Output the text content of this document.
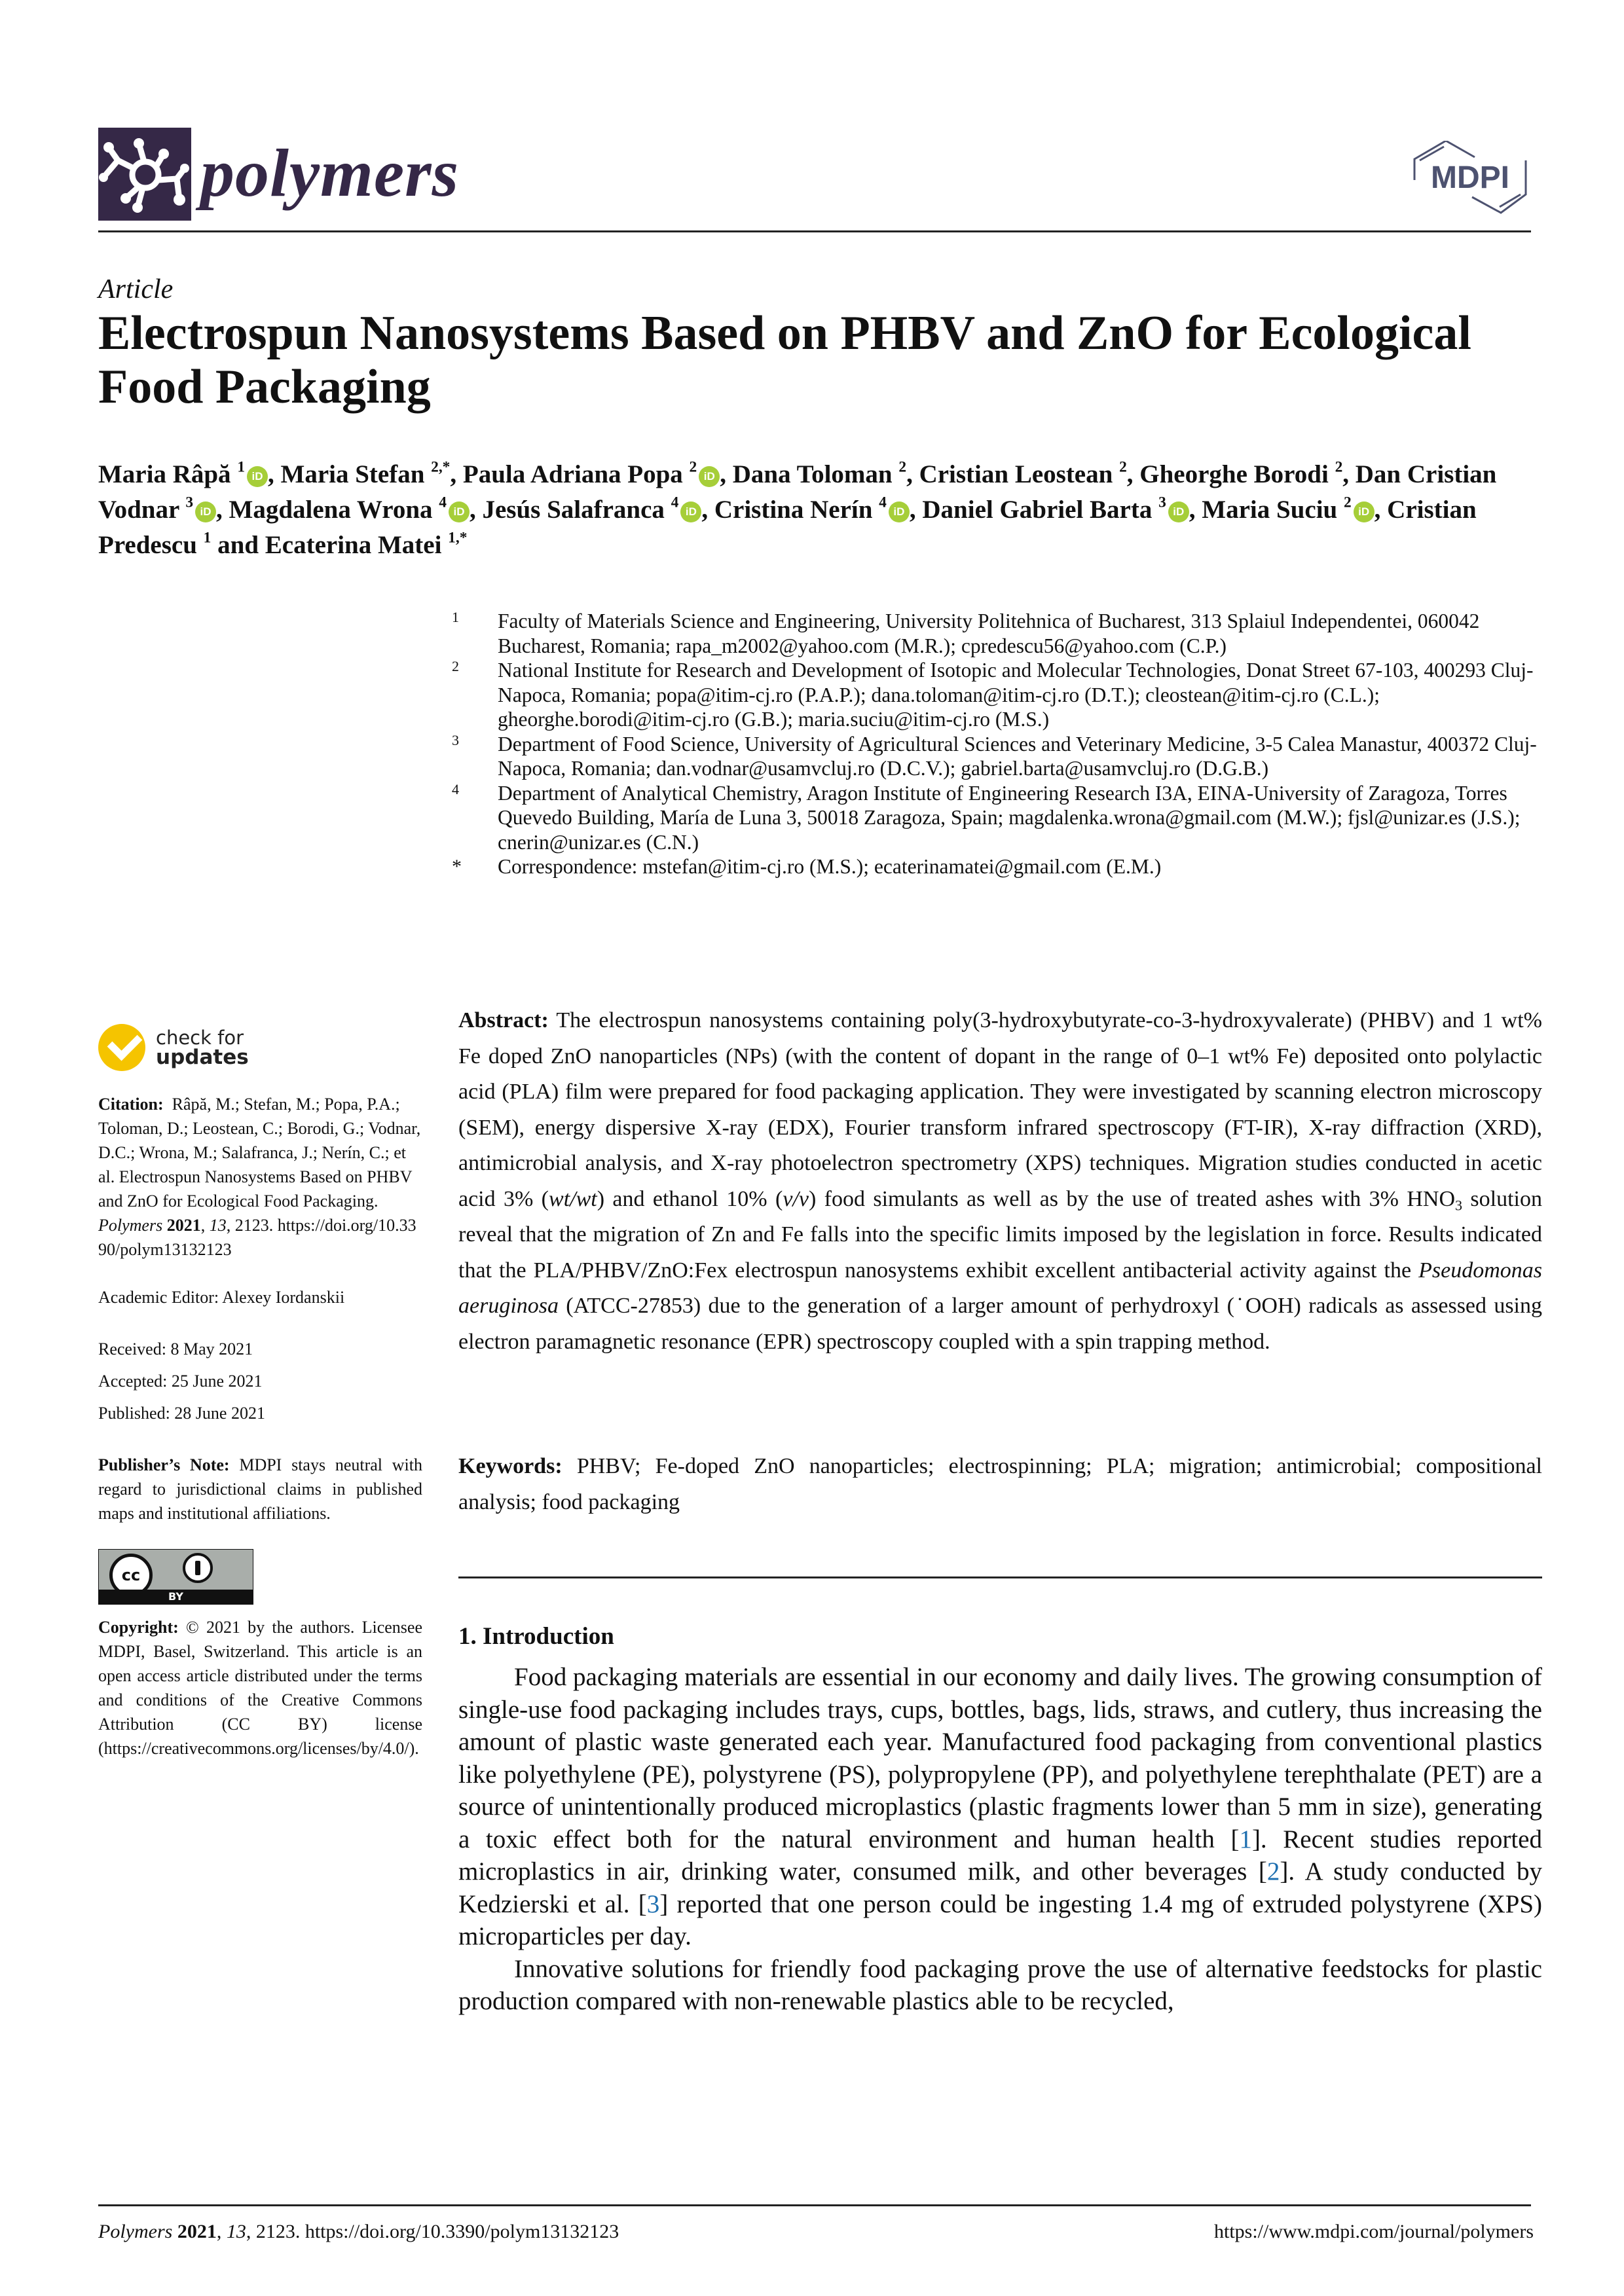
polymers	MDPI
Article
Electrospun Nanosystems Based on PHBV and ZnO for Ecological Food Packaging
Maria Râpă $^1$iD , Maria Stefan $^{2,*}$, Paula Adriana Popa $^2$iD , Dana Toloman $^2$, Cristian Leostean $^2$, Gheorghe Borodi $^2$, Dan Cristian Vodnar $^3$iD , Magdalena Wrona $^4$iD , Jesús Salafranca $^4$iD , Cristina Nerín $^4$iD , Daniel Gabriel Barta $^3$iD , Maria Suciu $^2$iD , Cristian Predescu $^1$ and Ecaterina Matei $^{1,*}$
1 Faculty of Materials Science and Engineering, University Politehnica of Bucharest, 313 Splaiul Independentei, 060042 Bucharest, Romania; rapa_m2002@yahoo.com (M.R.); cpredescu56@yahoo.com (C.P.)
2 National Institute for Research and Development of Isotopic and Molecular Technologies, Donat Street 67-103, 400293 Cluj-Napoca, Romania; popa@itim-cj.ro (P.A.P.); dana.toloman@itim-cj.ro (D.T.); cleostean@itim-cj.ro (C.L.); gheorghe.borodi@itim-cj.ro (G.B.); maria.suciu@itim-cj.ro (M.S.)
3 Department of Food Science, University of Agricultural Sciences and Veterinary Medicine, 3-5 Calea Manastur, 400372 Cluj-Napoca, Romania; dan.vodnar@usamvcluj.ro (D.C.V.); gabriel.barta@usamvcluj.ro (D.G.B.)
4 Department of Analytical Chemistry, Aragon Institute of Engineering Research I3A, EINA-University of Zaragoza, Torres Quevedo Building, María de Luna 3, 50018 Zaragoza, Spain; magdalenka.wrona@gmail.com (M.W.); fjsl@unizar.es (J.S.); cnerin@unizar.es (C.N.)
* Correspondence: mstefan@itim-cj.ro (M.S.); ecaterinamatei@gmail.com (E.M.)
check for
updates
Citation: Râpă, M.; Stefan, M.; Popa, P.A.; Toloman, D.; Leostean, C.; Borodi, G.; Vodnar, D.C.; Wrona, M.; Salafranca, J.; Nerín, C.; et al. Electrospun Nanosystems Based on PHBV and ZnO for Ecological Food Packaging. Polymers 2021, 13, 2123. https://doi.org/10.3390/polym13132123
Academic Editor: Alexey Iordanskii
Received: 8 May 2021
Accepted: 25 June 2021
Published: 28 June 2021
Publisher’s Note: MDPI stays neutral with regard to jurisdictional claims in published maps and institutional affiliations.
cc
BY
Copyright: © 2021 by the authors. Licensee MDPI, Basel, Switzerland. This article is an open access article distributed under the terms and conditions of the Creative Commons Attribution (CC BY) license (https://creativecommons.org/licenses/by/4.0/).
Abstract: The electrospun nanosystems containing poly(3-hydroxybutyrate-co-3-hydroxyvalerate) (PHBV) and 1 wt% Fe doped ZnO nanoparticles (NPs) (with the content of dopant in the range of 0–1 wt% Fe) deposited onto polylactic acid (PLA) film were prepared for food packaging application. They were investigated by scanning electron microscopy (SEM), energy dispersive X-ray (EDX), Fourier transform infrared spectroscopy (FT-IR), X-ray diffraction (XRD), antimicrobial analysis, and X-ray photoelectron spectrometry (XPS) techniques. Migration studies conducted in acetic acid 3% (wt/wt) and ethanol 10% (v/v) food simulants as well as by the use of treated ashes with 3% $HNO_3$ solution reveal that the migration of Zn and Fe falls into the specific limits imposed by the legislation in force. Results indicated that the PLA/PHBV/ZnO:Fex electrospun nanosystems exhibit excellent antibacterial activity against the Pseudomonas aeruginosa (ATCC-27853) due to the generation of a larger amount of perhydroxyl (˙OOH) radicals as assessed using electron paramagnetic resonance (EPR) spectroscopy coupled with a spin trapping method.
Keywords: PHBV; Fe-doped ZnO nanoparticles; electrospinning; PLA; migration; antimicrobial; compositional analysis; food packaging
1. Introduction

Food packaging materials are essential in our economy and daily lives. The growing consumption of single-use food packaging includes trays, cups, bottles, bags, lids, straws, and cutlery, thus increasing the amount of plastic waste generated each year. Manufactured food packaging from conventional plastics like polyethylene (PE), polystyrene (PS), polypropylene (PP), and polyethylene terephthalate (PET) are a source of unintentionally produced microplastics (plastic fragments lower than 5 mm in size), generating a toxic effect both for the natural environment and human health [1]. Recent studies reported microplastics in air, drinking water, consumed milk, and other beverages [2]. A study conducted by Kedzierski et al. [3] reported that one person could be ingesting 1.4 mg of extruded polystyrene (XPS) microparticles per day.

Innovative solutions for friendly food packaging prove the use of alternative feedstocks for plastic production compared with non-renewable plastics able to be recycled,

Polymers 2021, 13, 2123. https://doi.org/10.3390/polym13132123	https://www.mdpi.com/journal/polymers
